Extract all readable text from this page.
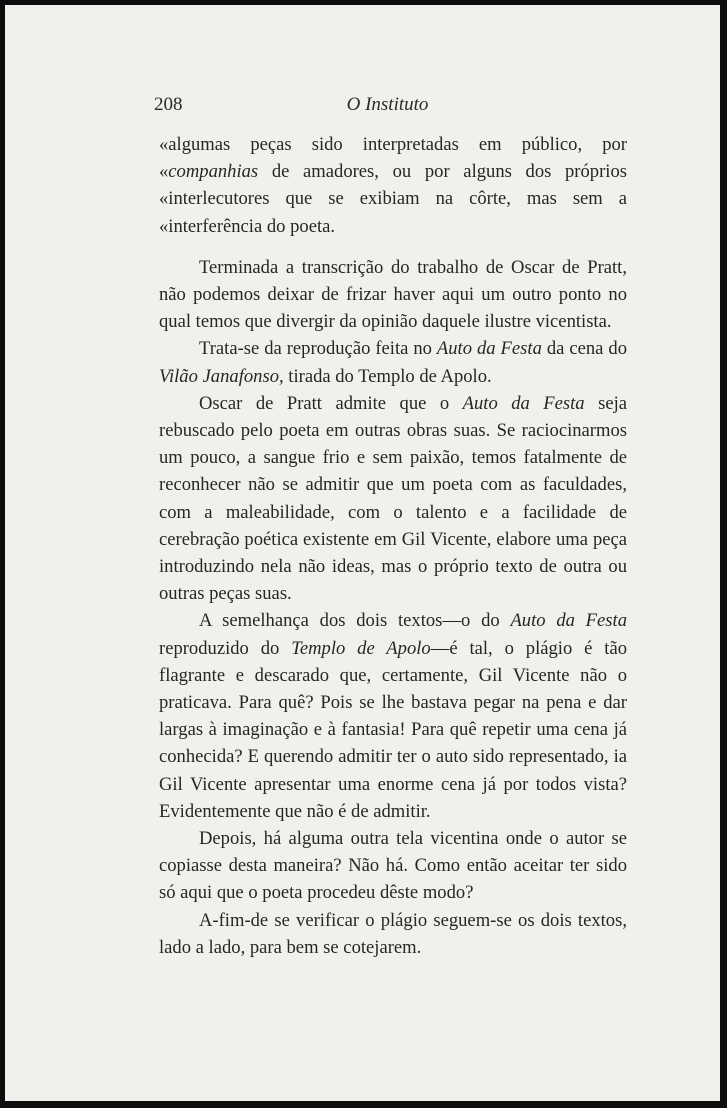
208	O Instituto

«algumas peças sido interpretadas em público, por «companhias de amadores, ou por alguns dos próprios «interlecutores que se exibiam na côrte, mas sem a «interferência do poeta.

Terminada a transcrição do trabalho de Oscar de Pratt, não podemos deixar de frizar haver aqui um outro ponto no qual temos que divergir da opinião daquele ilustre vicentista.

Trata-se da reprodução feita no Auto da Festa da cena do Vilão Janafonso, tirada do Templo de Apolo.

Oscar de Pratt admite que o Auto da Festa seja rebuscado pelo poeta em outras obras suas. Se raciocinarmos um pouco, a sangue frio e sem paixão, temos fatalmente de reconhecer não se admitir que um poeta com as faculdades, com a maleabilidade, com o talento e a facilidade de cerebração poética existente em Gil Vicente, elabore uma peça introduzindo nela não ideas, mas o próprio texto de outra ou outras peças suas.

A semelhança dos dois textos—o do Auto da Festa reproduzido do Templo de Apolo—é tal, o plágio é tão flagrante e descarado que, certamente, Gil Vicente não o praticava. Para quê? Pois se lhe bastava pegar na pena e dar largas à imaginação e à fantasia! Para quê repetir uma cena já conhecida? E querendo admitir ter o auto sido representado, ia Gil Vicente apresentar uma enorme cena já por todos vista? Evidentemente que não é de admitir.

Depois, há alguma outra tela vicentina onde o autor se copiasse desta maneira? Não há. Como então aceitar ter sido só aqui que o poeta procedeu dêste modo?

A-fim-de se verificar o plágio seguem-se os dois textos, lado a lado, para bem se cotejarem.
